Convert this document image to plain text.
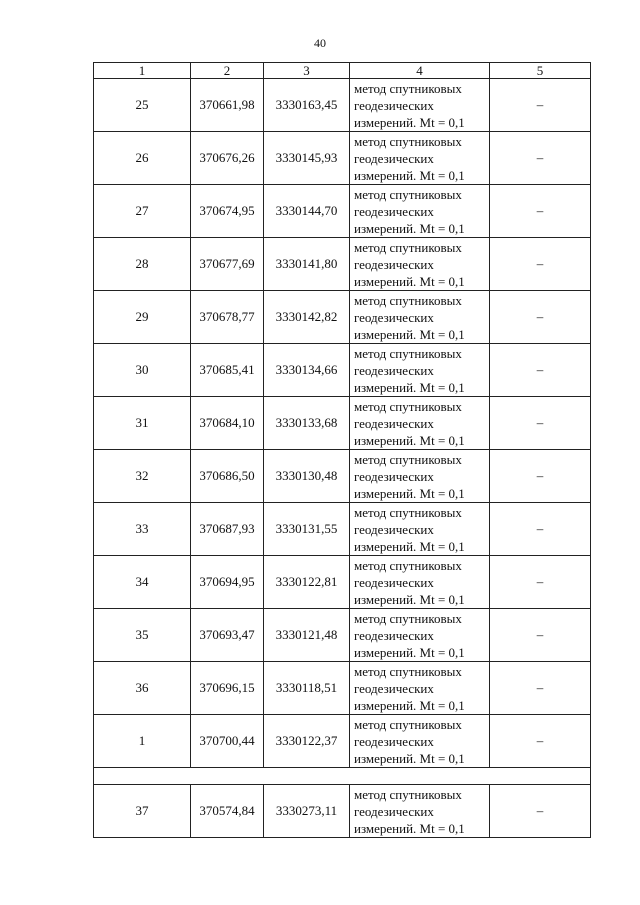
40
1	2	3	4	5
25	370661,98	3330163,45	метод спутниковых
геодезических
измерений. Mt = 0,1	–
26	370676,26	3330145,93	метод спутниковых
геодезических
измерений. Mt = 0,1	–
27	370674,95	3330144,70	метод спутниковых
геодезических
измерений. Mt = 0,1	–
28	370677,69	3330141,80	метод спутниковых
геодезических
измерений. Mt = 0,1	–
29	370678,77	3330142,82	метод спутниковых
геодезических
измерений. Mt = 0,1	–
30	370685,41	3330134,66	метод спутниковых
геодезических
измерений. Mt = 0,1	–
31	370684,10	3330133,68	метод спутниковых
геодезических
измерений. Mt = 0,1	–
32	370686,50	3330130,48	метод спутниковых
геодезических
измерений. Mt = 0,1	–
33	370687,93	3330131,55	метод спутниковых
геодезических
измерений. Mt = 0,1	–
34	370694,95	3330122,81	метод спутниковых
геодезических
измерений. Mt = 0,1	–
35	370693,47	3330121,48	метод спутниковых
геодезических
измерений. Mt = 0,1	–
36	370696,15	3330118,51	метод спутниковых
геодезических
измерений. Mt = 0,1	–
1	370700,44	3330122,37	метод спутниковых
геодезических
измерений. Mt = 0,1	–

37	370574,84	3330273,11	метод спутниковых
геодезических
измерений. Mt = 0,1	–
